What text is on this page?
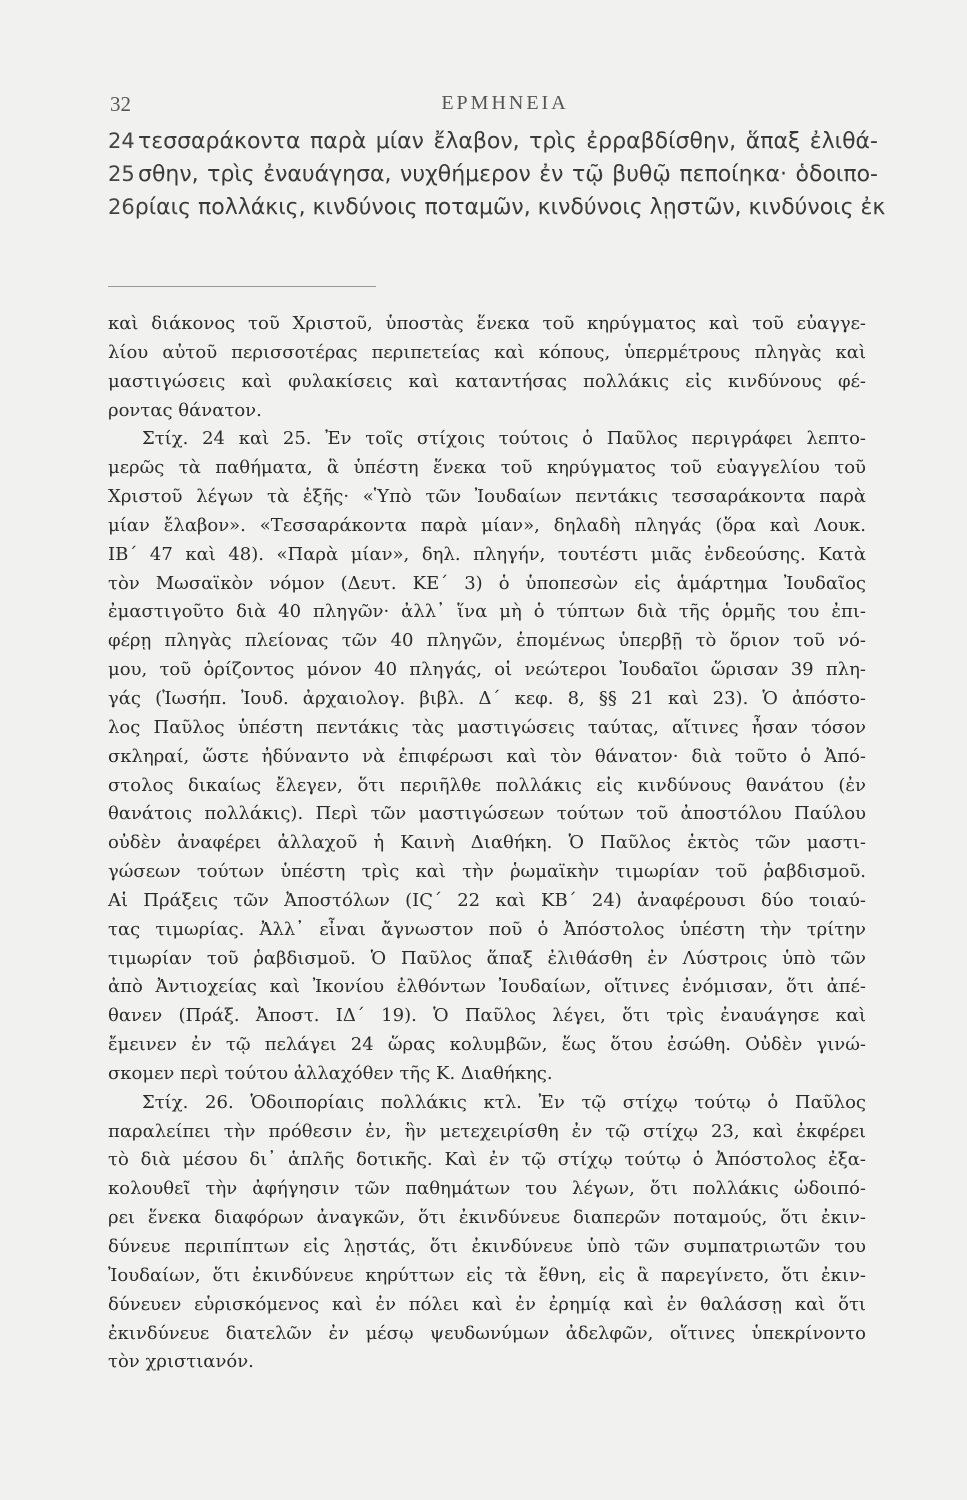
32	ΕΡΜΗΝΕΙΑ
24 τεσσαράκοντα παρὰ μίαν ἔλαβον, τρὶς ἐρραβδίσθην, ἅπαξ ἐλιθά-
25 σθην, τρὶς ἐναυάγησα, νυχθήμερον ἐν τῷ βυθῷ πεποίηκα· ὁδοιπο-
26 ρίαις πολλάκις, κινδύνοις ποταμῶν, κινδύνοις λῃστῶν, κινδύνοις ἐκ
καὶ διάκονος τοῦ Χριστοῦ, ὑποστὰς ἕνεκα τοῦ κηρύγματος καὶ τοῦ εὐαγγε-
λίου αὐτοῦ περισσοτέρας περιπετείας καὶ κόπους, ὑπερμέτρους πληγὰς καὶ
μαστιγώσεις καὶ φυλακίσεις καὶ καταντήσας πολλάκις εἰς κινδύνους φέ-
ροντας θάνατον.
Στίχ. 24 καὶ 25. Ἐν τοῖς στίχοις τούτοις ὁ Παῦλος περιγράφει λεπτο-
μερῶς τὰ παθήματα, ἃ ὑπέστη ἕνεκα τοῦ κηρύγματος τοῦ εὐαγγελίου τοῦ
Χριστοῦ λέγων τὰ ἑξῆς· «Ὑπὸ τῶν Ἰουδαίων πεντάκις τεσσαράκοντα παρὰ
μίαν ἔλαβον». «Τεσσαράκοντα παρὰ μίαν», δηλαδὴ πληγάς (ὅρα καὶ Λουκ.
ΙΒ´ 47 καὶ 48). «Παρὰ μίαν», δηλ. πληγήν, τουτέστι μιᾶς ἐνδεούσης. Κατὰ
τὸν Μωσαϊκὸν νόμον (Δευτ. ΚΕ´ 3) ὁ ὑποπεσὼν εἰς ἁμάρτημα Ἰουδαῖος
ἐμαστιγοῦτο διὰ 40 πληγῶν· ἀλλ᾽ ἵνα μὴ ὁ τύπτων διὰ τῆς ὁρμῆς του ἐπι-
φέρῃ πληγὰς πλείονας τῶν 40 πληγῶν, ἑπομένως ὑπερβῇ τὸ ὅριον τοῦ νό-
μου, τοῦ ὁρίζοντος μόνον 40 πληγάς, οἱ νεώτεροι Ἰουδαῖοι ὥρισαν 39 πλη-
γάς (Ἰωσήπ. Ἰουδ. ἀρχαιολογ. βιβλ. Δ´ κεφ. 8, §§ 21 καὶ 23). Ὁ ἀπόστο-
λος Παῦλος ὑπέστη πεντάκις τὰς μαστιγώσεις ταύτας, αἵτινες ἦσαν τόσον
σκληραί, ὥστε ἠδύναντο νὰ ἐπιφέρωσι καὶ τὸν θάνατον· διὰ τοῦτο ὁ Ἀπό-
στολος δικαίως ἔλεγεν, ὅτι περιῆλθε πολλάκις εἰς κινδύνους θανάτου (ἐν
θανάτοις πολλάκις). Περὶ τῶν μαστιγώσεων τούτων τοῦ ἀποστόλου Παύλου
οὐδὲν ἀναφέρει ἀλλαχοῦ ἡ Καινὴ Διαθήκη. Ὁ Παῦλος ἐκτὸς τῶν μαστι-
γώσεων τούτων ὑπέστη τρὶς καὶ τὴν ῥωμαϊκὴν τιμωρίαν τοῦ ῥαβδισμοῦ.
Αἱ Πράξεις τῶν Ἀποστόλων (ΙϚ´ 22 καὶ ΚΒ´ 24) ἀναφέρουσι δύο τοιαύ-
τας τιμωρίας. Ἀλλ᾽ εἶναι ἄγνωστον ποῦ ὁ Ἀπόστολος ὑπέστη τὴν τρίτην
τιμωρίαν τοῦ ῥαβδισμοῦ. Ὁ Παῦλος ἅπαξ ἐλιθάσθη ἐν Λύστροις ὑπὸ τῶν
ἀπὸ Ἀντιοχείας καὶ Ἰκονίου ἐλθόντων Ἰουδαίων, οἵτινες ἐνόμισαν, ὅτι ἀπέ-
θανεν (Πράξ. Ἀποστ. ΙΔ´ 19). Ὁ Παῦλος λέγει, ὅτι τρὶς ἐναυάγησε καὶ
ἔμεινεν ἐν τῷ πελάγει 24 ὥρας κολυμβῶν, ἕως ὅτου ἐσώθη. Οὐδὲν γινώ-
σκομεν περὶ τούτου ἀλλαχόθεν τῆς Κ. Διαθήκης.
Στίχ. 26. Ὁδοιπορίαις πολλάκις κτλ. Ἐν τῷ στίχῳ τούτῳ ὁ Παῦλος
παραλείπει τὴν πρόθεσιν ἐν, ἣν μετεχειρίσθη ἐν τῷ στίχῳ 23, καὶ ἐκφέρει
τὸ διὰ μέσου δι᾽ ἁπλῆς δοτικῆς. Καὶ ἐν τῷ στίχῳ τούτῳ ὁ Ἀπόστολος ἐξα-
κολουθεῖ τὴν ἀφήγησιν τῶν παθημάτων του λέγων, ὅτι πολλάκις ὡδοιπό-
ρει ἕνεκα διαφόρων ἀναγκῶν, ὅτι ἐκινδύνευε διαπερῶν ποταμούς, ὅτι ἐκιν-
δύνευε περιπίπτων εἰς λῃστάς, ὅτι ἐκινδύνευε ὑπὸ τῶν συμπατριωτῶν του
Ἰουδαίων, ὅτι ἐκινδύνευε κηρύττων εἰς τὰ ἔθνη, εἰς ἃ παρεγίνετο, ὅτι ἐκιν-
δύνευεν εὑρισκόμενος καὶ ἐν πόλει καὶ ἐν ἐρημίᾳ καὶ ἐν θαλάσσῃ καὶ ὅτι
ἐκινδύνευε διατελῶν ἐν μέσῳ ψευδωνύμων ἀδελφῶν, οἵτινες ὑπεκρίνοντο
τὸν χριστιανόν.
